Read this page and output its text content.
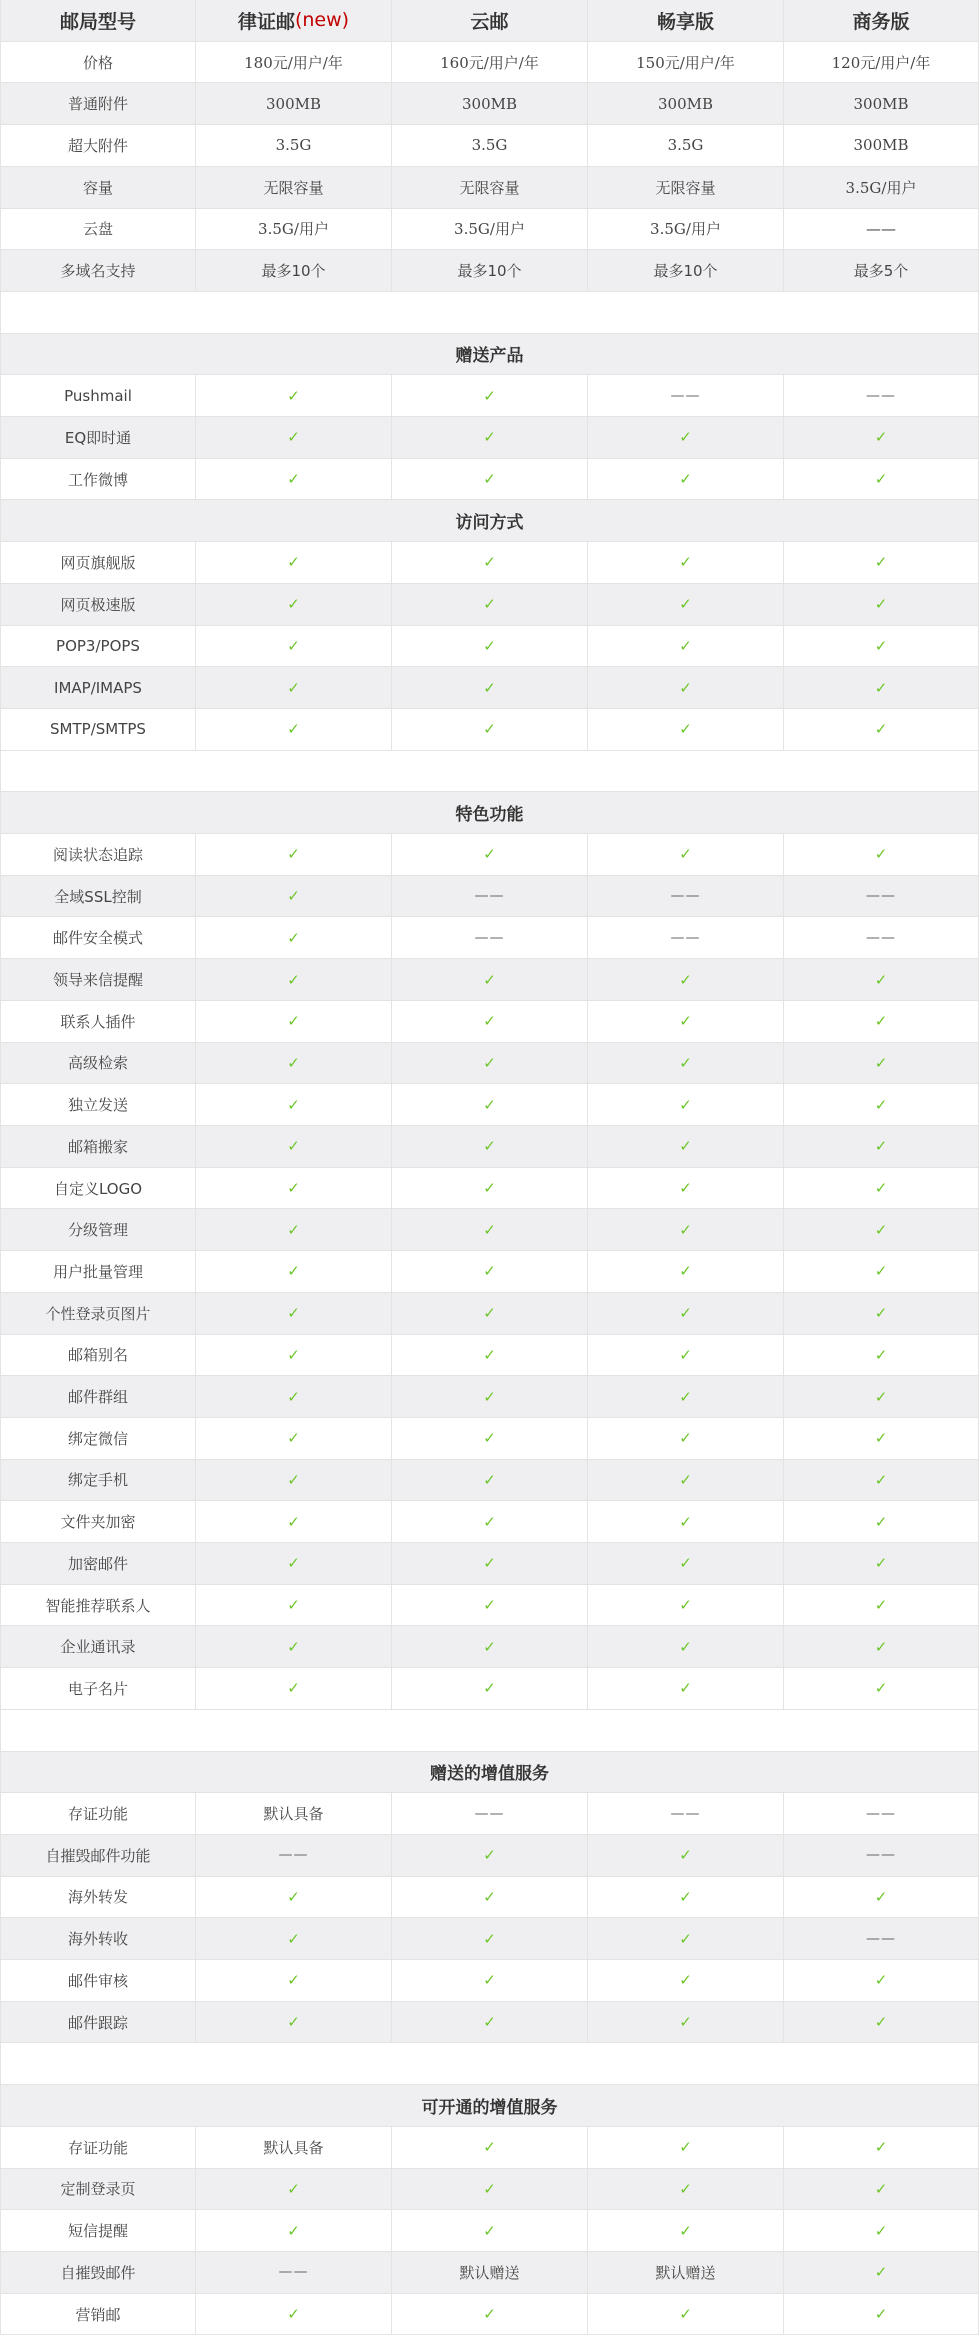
邮局型号	律证邮 (new)	云邮	畅享版	商务版
价格	180元/用户/年	160元/用户/年	150元/用户/年	120元/用户/年
普通附件	300MB	300MB	300MB	300MB
超大附件	3.5G	3.5G	3.5G	300MB
容量	无限容量	无限容量	无限容量	3.5G/用户
云盘	3.5G/用户	3.5G/用户	3.5G/用户	——
多域名支持	最多10个	最多10个	最多10个	最多5个
赠送产品
Pushmail	✓	✓	——	——
EQ即时通	✓	✓	✓	✓
工作微博	✓	✓	✓	✓
访问方式
网页旗舰版	✓	✓	✓	✓
网页极速版	✓	✓	✓	✓
POP3/POPS	✓	✓	✓	✓
IMAP/IMAPS	✓	✓	✓	✓
SMTP/SMTPS	✓	✓	✓	✓
特色功能
阅读状态追踪	✓	✓	✓	✓
全域SSL控制	✓	——	——	——
邮件安全模式	✓	——	——	——
领导来信提醒	✓	✓	✓	✓
联系人插件	✓	✓	✓	✓
高级检索	✓	✓	✓	✓
独立发送	✓	✓	✓	✓
邮箱搬家	✓	✓	✓	✓
自定义LOGO	✓	✓	✓	✓
分级管理	✓	✓	✓	✓
用户批量管理	✓	✓	✓	✓
个性登录页图片	✓	✓	✓	✓
邮箱别名	✓	✓	✓	✓
邮件群组	✓	✓	✓	✓
绑定微信	✓	✓	✓	✓
绑定手机	✓	✓	✓	✓
文件夹加密	✓	✓	✓	✓
加密邮件	✓	✓	✓	✓
智能推荐联系人	✓	✓	✓	✓
企业通讯录	✓	✓	✓	✓
电子名片	✓	✓	✓	✓
赠送的增值服务
存证功能	默认具备	——	——	——
自摧毁邮件功能	——	✓	✓	——
海外转发	✓	✓	✓	✓
海外转收	✓	✓	✓	——
邮件审核	✓	✓	✓	✓
邮件跟踪	✓	✓	✓	✓
可开通的增值服务
存证功能	默认具备	✓	✓	✓
定制登录页	✓	✓	✓	✓
短信提醒	✓	✓	✓	✓
自摧毁邮件	——	默认赠送	默认赠送	✓
营销邮	✓	✓	✓	✓
